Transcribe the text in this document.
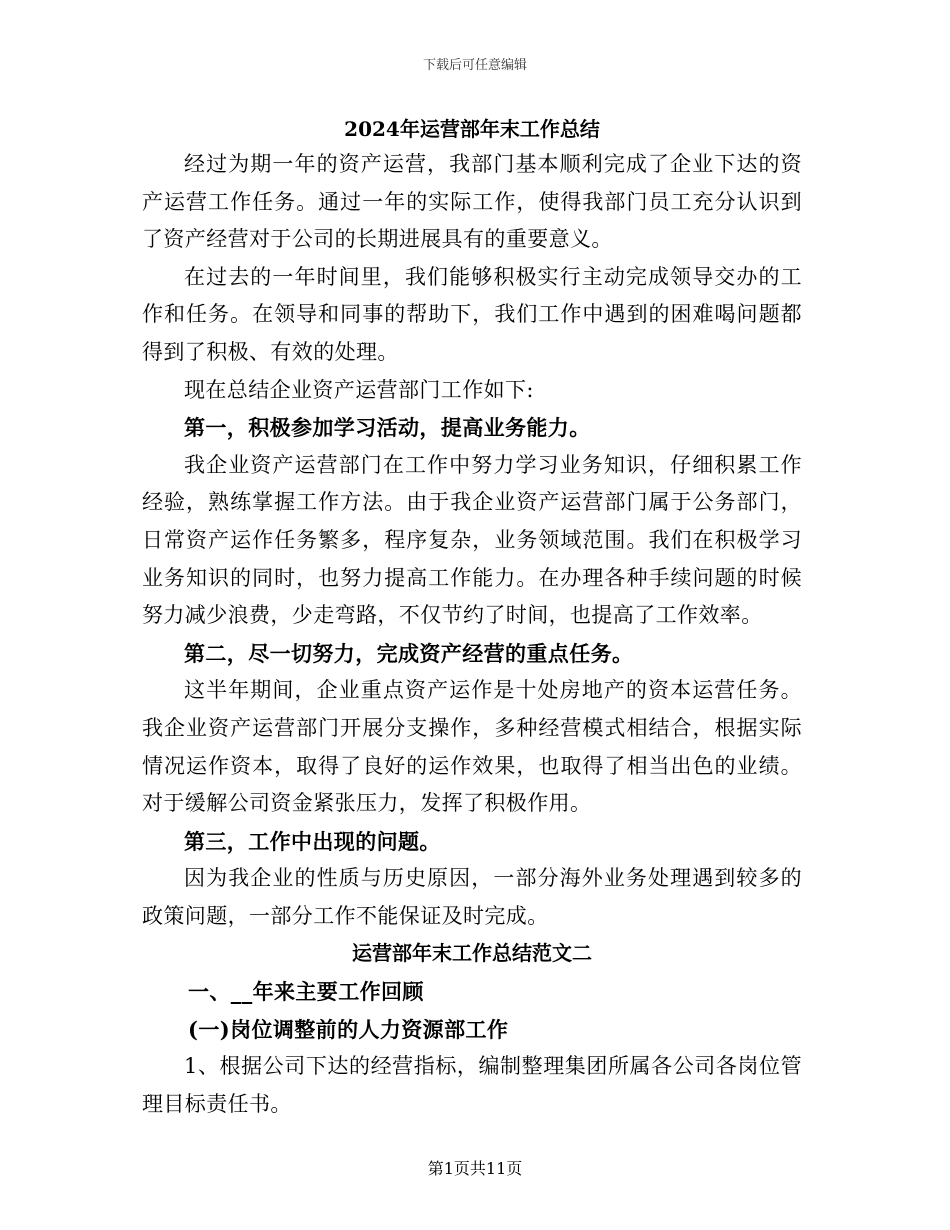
下载后可任意编辑

2024年运营部年末工作总结

经过为期一年的资产运营，我部门基本顺利完成了企业下达的资产运营工作任务。通过一年的实际工作，使得我部门员工充分认识到了资产经营对于公司的长期进展具有的重要意义。

在过去的一年时间里，我们能够积极实行主动完成领导交办的工作和任务。在领导和同事的帮助下，我们工作中遇到的困难喝问题都得到了积极、有效的处理。

现在总结企业资产运营部门工作如下:

第一，积极参加学习活动，提高业务能力。

我企业资产运营部门在工作中努力学习业务知识，仔细积累工作经验，熟练掌握工作方法。由于我企业资产运营部门属于公务部门，日常资产运作任务繁多，程序复杂，业务领域范围。我们在积极学习业务知识的同时，也努力提高工作能力。在办理各种手续问题的时候努力减少浪费，少走弯路，不仅节约了时间，也提高了工作效率。

第二，尽一切努力，完成资产经营的重点任务。

这半年期间，企业重点资产运作是十处房地产的资本运营任务。我企业资产运营部门开展分支操作，多种经营模式相结合，根据实际情况运作资本，取得了良好的运作效果，也取得了相当出色的业绩。对于缓解公司资金紧张压力，发挥了积极作用。

第三，工作中出现的问题。

因为我企业的性质与历史原因，一部分海外业务处理遇到较多的政策问题，一部分工作不能保证及时完成。

运营部年末工作总结范文二

一、__年来主要工作回顾

(一)岗位调整前的人力资源部工作

1、根据公司下达的经营指标，编制整理集团所属各公司各岗位管理目标责任书。

第1页共11页
